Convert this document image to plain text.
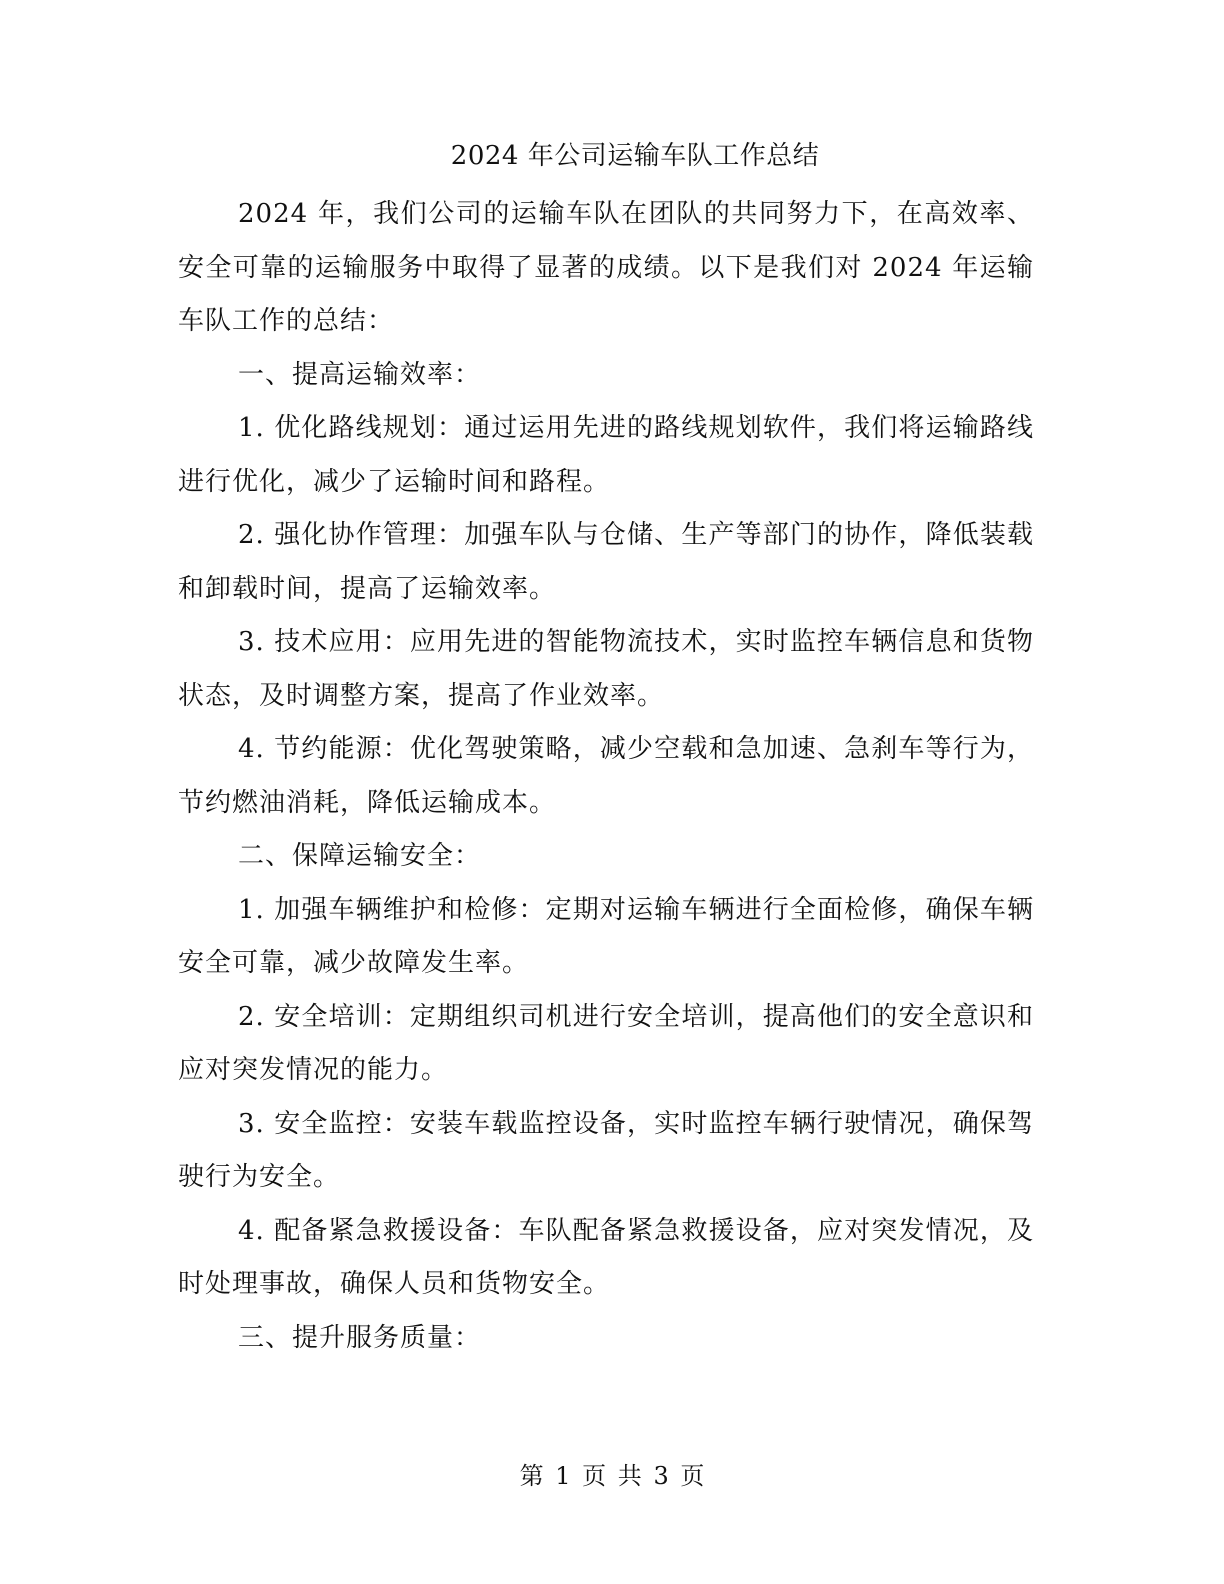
2024 年公司运输车队工作总结

2024 年，我们公司的运输车队在团队的共同努力下，在高效率、安全可靠的运输服务中取得了显著的成绩。以下是我们对 2024 年运输车队工作的总结：

一、提高运输效率：

1. 优化路线规划：通过运用先进的路线规划软件，我们将运输路线进行优化，减少了运输时间和路程。

2. 强化协作管理：加强车队与仓储、生产等部门的协作，降低装载和卸载时间，提高了运输效率。

3. 技术应用：应用先进的智能物流技术，实时监控车辆信息和货物状态，及时调整方案，提高了作业效率。

4. 节约能源：优化驾驶策略，减少空载和急加速、急刹车等行为，节约燃油消耗，降低运输成本。

二、保障运输安全：

1. 加强车辆维护和检修：定期对运输车辆进行全面检修，确保车辆安全可靠，减少故障发生率。

2. 安全培训：定期组织司机进行安全培训，提高他们的安全意识和应对突发情况的能力。

3. 安全监控：安装车载监控设备，实时监控车辆行驶情况，确保驾驶行为安全。

4. 配备紧急救援设备：车队配备紧急救援设备，应对突发情况，及时处理事故，确保人员和货物安全。

三、提升服务质量：

第 1 页 共 3 页
